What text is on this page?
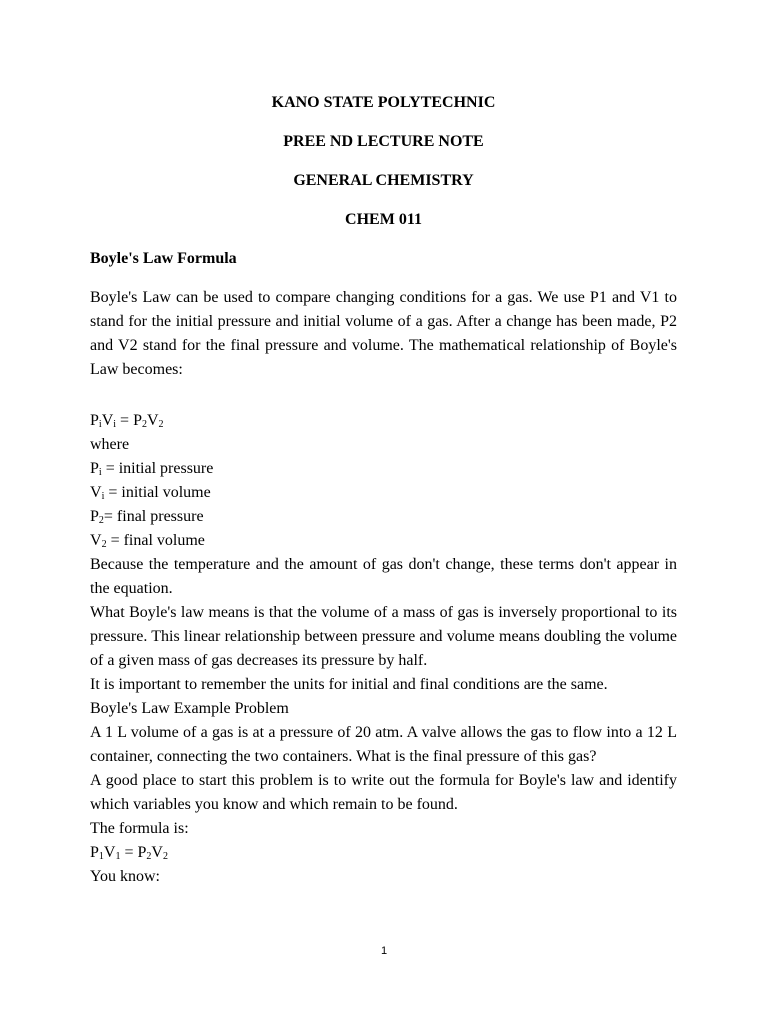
KANO STATE POLYTECHNIC
PREE ND LECTURE NOTE
GENERAL CHEMISTRY
CHEM 011
Boyle's Law Formula
Boyle's Law can be used to compare changing conditions for a gas. We use P1 and V1 to stand for the initial pressure and initial volume of a gas. After a change has been made, P2 and V2 stand for the final pressure and volume. The mathematical relationship of Boyle's Law becomes:
$P_iV_i = P_2V_2$
where
$P_i$ = initial pressure
$V_i$ = initial volume
$P_2=$ final pressure
$V_2$ = final volume
Because the temperature and the amount of gas don't change, these terms don't appear in the equation.
What Boyle's law means is that the volume of a mass of gas is inversely proportional to its pressure. This linear relationship between pressure and volume means doubling the volume of a given mass of gas decreases its pressure by half.
It is important to remember the units for initial and final conditions are the same.
Boyle's Law Example Problem
A 1 L volume of a gas is at a pressure of 20 atm. A valve allows the gas to flow into a 12 L container, connecting the two containers. What is the final pressure of this gas?
A good place to start this problem is to write out the formula for Boyle's law and identify which variables you know and which remain to be found.
The formula is:
$P_1V_1 = P_2V_2$
You know:
1
